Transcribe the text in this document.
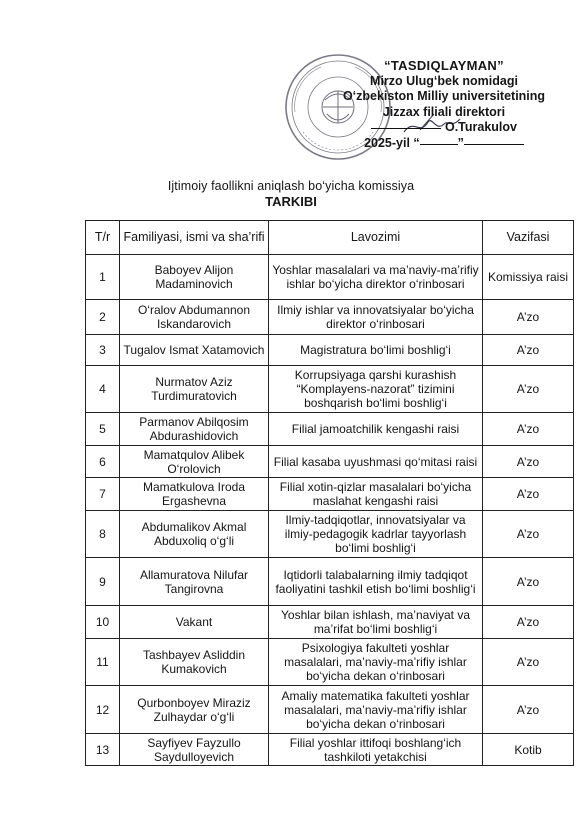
“TASDIQLAYMAN”
Mirzo Ulug‘bek nomidagi
O‘zbekiston Milliy universitetining
Jizzax filiali direktori
O.Turakulov
2025-yil “	”
Ijtimoiy faollikni aniqlash bo‘yicha komissiya
TARKIBI
T/r	Familiyasi, ismi va sha’rifi	Lavozimi	Vazifasi
1	Baboyev Alijon Madaminovich	Yoshlar masalalari va ma’naviy-ma’rifiy ishlar bo‘yicha direktor o‘rinbosari	Komissiya raisi
2	O‘ralov Abdumannon Iskandarovich	Ilmiy ishlar va innovatsiyalar bo‘yicha direktor o‘rinbosari	A’zo
3	Tugalov Ismat Xatamovich	Magistratura bo‘limi boshlig‘i	A’zo
4	Nurmatov Aziz Turdimuratovich	Korrupsiyaga qarshi kurashish “Komplayens-nazorat” tizimini boshqarish bo‘limi boshlig‘i	A’zo
5	Parmanov Abilqosim Abdurashidovich	Filial jamoatchilik kengashi raisi	A’zo
6	Mamatqulov Alibek O‘rolovich	Filial kasaba uyushmasi qo‘mitasi raisi	A’zo
7	Mamatkulova Iroda Ergashevna	Filial xotin-qizlar masalalari bo‘yicha maslahat kengashi raisi	A’zo
8	Abdumalikov Akmal Abduxoliq o‘g‘li	Ilmiy-tadqiqotlar, innovatsiyalar va ilmiy-pedagogik kadrlar tayyorlash bo‘limi boshlig‘i	A’zo
9	Allamuratova Nilufar Tangirovna	Iqtidorli talabalarning ilmiy tadqiqot faoliyatini tashkil etish bo‘limi boshlig‘i	A’zo
10	Vakant	Yoshlar bilan ishlash, ma’naviyat va ma’rifat bo‘limi boshlig‘i	A’zo
11	Tashbayev Asliddin Kumakovich	Psixologiya fakulteti yoshlar masalalari, ma’naviy-ma’rifiy ishlar bo‘yicha dekan o‘rinbosari	A’zo
12	Qurbonboyev Miraziz Zulhaydar o‘g‘li	Amaliy matematika fakulteti yoshlar masalalari, ma’naviy-ma’rifiy ishlar bo‘yicha dekan o‘rinbosari	A’zo
13	Sayfiyev Fayzullo Saydulloyevich	Filial yoshlar ittifoqi boshlang‘ich tashkiloti yetakchisi	Kotib
